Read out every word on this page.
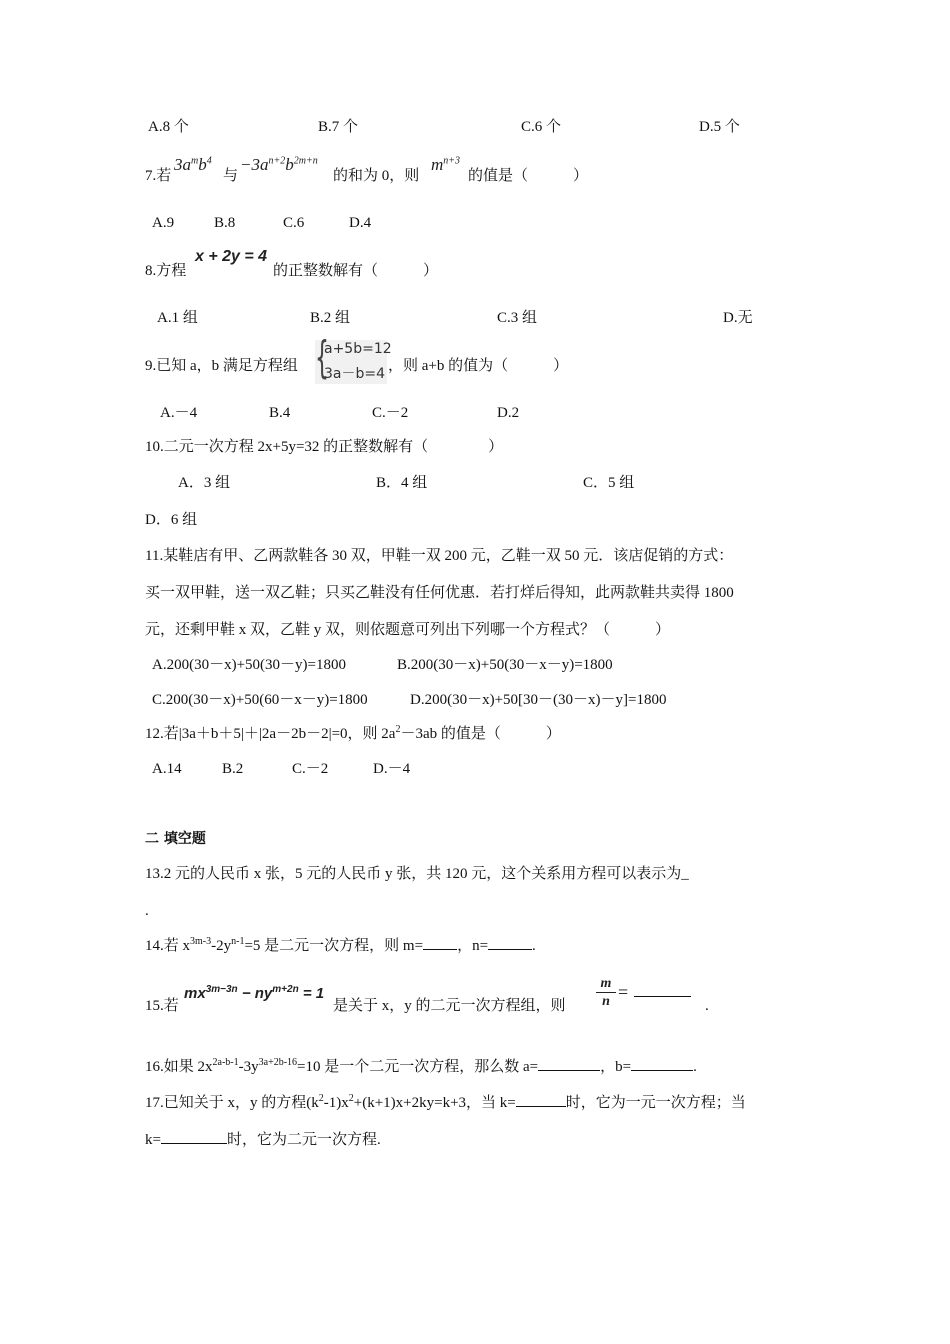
A.8 个	B.7 个	C.6 个	D.5 个
7.若
$3a^mb^4$
与
$-3a^{n+2}b^{2m+n}$
的和为 0，则
$m^{n+3}$
的值是（　　　）
A.9	B.8	C.6	D.4
8.方程
x + 2y = 4
的正整数解有（　　　）
A.1 组	B.2 组	C.3 组	D.无
9.已知 a，b 满足方程组 {
a+5b=12
3a－b=4 ，则 a+b 的值为（　　　）
A.－4	B.4	C.－2	D.2
10.二元一次方程 2x+5y=32 的正整数解有（　　　　）
A．3 组	B．4 组	C．5 组
D．6 组
11.某鞋店有甲、乙两款鞋各 30 双，甲鞋一双 200 元，乙鞋一双 50 元．该店促销的方式：
买一双甲鞋，送一双乙鞋；只买乙鞋没有任何优惠．若打烊后得知，此两款鞋共卖得 1800
元，还剩甲鞋 x 双，乙鞋 y 双，则依题意可列出下列哪一个方程式？（　　　）
A.200(30－x)+50(30－y)=1800	B.200(30－x)+50(30－x－y)=1800
C.200(30－x)+50(60－x－y)=1800	D.200(30－x)+50[30－(30－x)－y]=1800
12.若|3a＋b＋5|＋|2a－2b－2|=0，则 $2a^2-3ab$ 的值是（　　　）
A.14	B.2	C.－2	D.－4
二 填空题
13.2 元的人民币 x 张，5 元的人民币 y 张，共 120 元，这个关系用方程可以表示为_
.
14.若 $x^{3m-3}-2y^{n-1}=5$ 是二元一次方程，则 m= ，n=	.
15.若
$mx^{3m-3n} - ny^{m+2n} = 1$
是关于 x，y 的二元一次方程组，则 $\frac{m}{n}$ =
.
16.如果 $2x^{2a-b-1}-3y^{3a+2b-16}=10$ 是一个二元一次方程，那么数 a=	，b=	.
17.已知关于 x，y 的方程$(k^2-1)x^2+(k+1)x+2ky=k+3$，当 k=	时，它为一元一次方程；当
k=	时，它为二元一次方程.
